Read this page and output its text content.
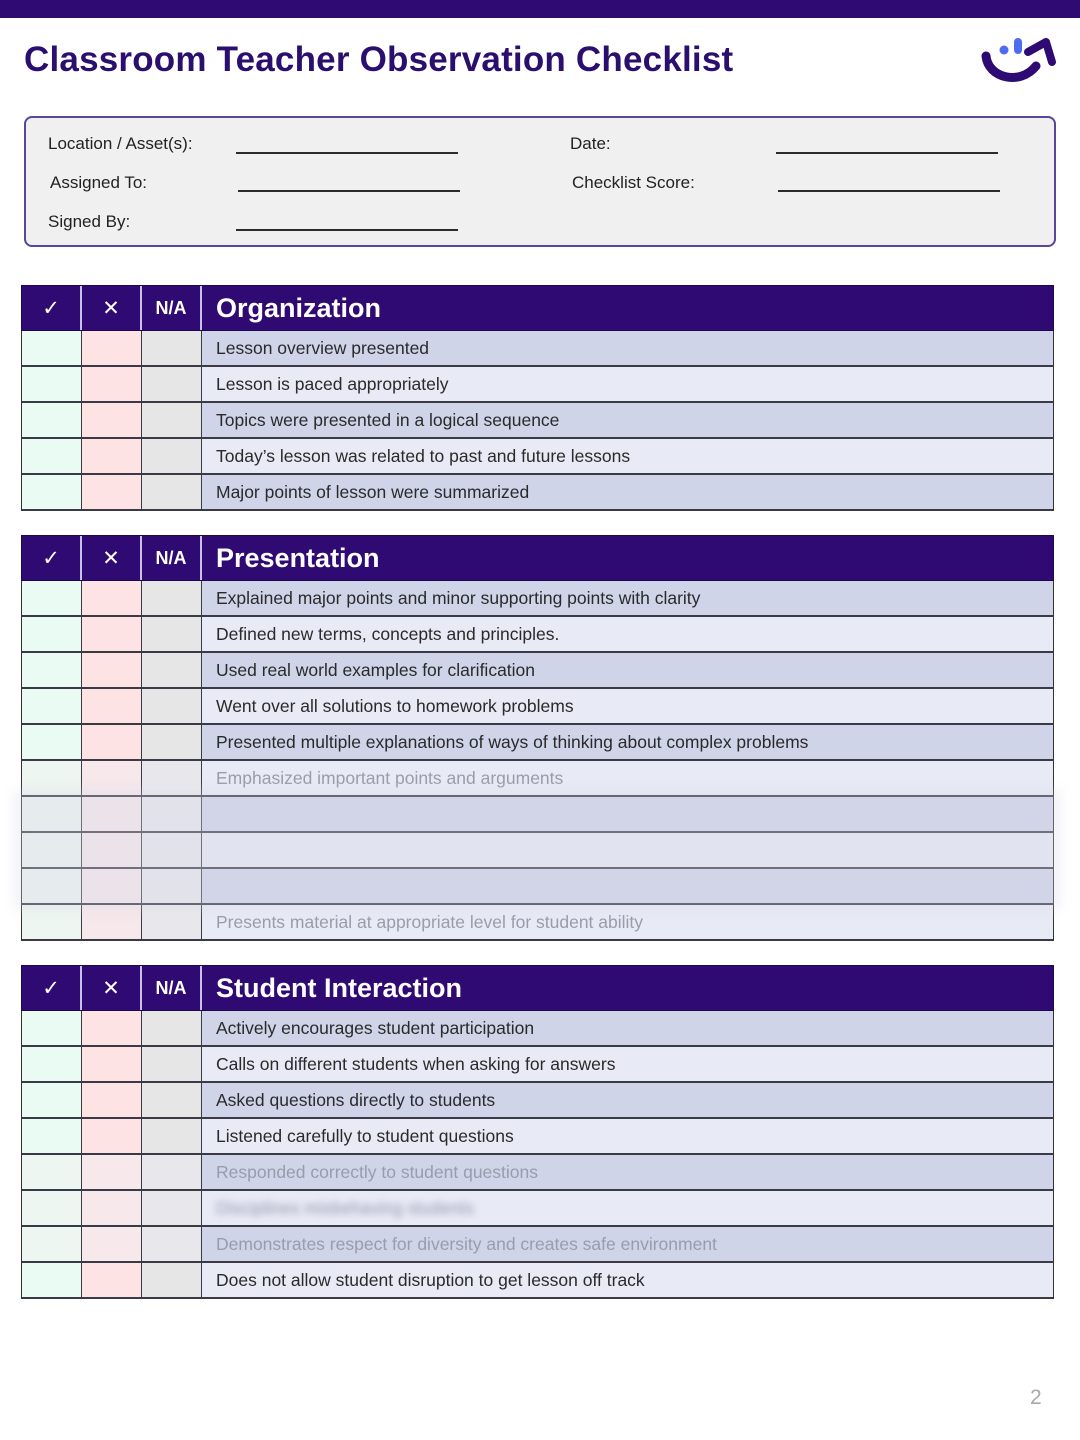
Classroom Teacher Observation Checklist
Location / Asset(s):
Assigned To:
Signed By:
Date:
Checklist Score:
✓	✕	N/A	Organization
Lesson overview presented
Lesson is paced appropriately
Topics were presented in a logical sequence
Today’s lesson was related to past and future lessons
Major points of lesson were summarized
✓	✕	N/A	Presentation
Explained major points and minor supporting points with clarity
Defined new terms, concepts and principles.
Used real world examples for clarification
Went over all solutions to homework problems
Presented multiple explanations of ways of thinking about complex problems
Emphasized important points and arguments
Presents material at appropriate level for student ability
✓	✕	N/A	Student Interaction
Actively encourages student participation
Calls on different students when asking for answers
Asked questions directly to students
Listened carefully to student questions
Responded correctly to student questions
Disciplines misbehaving students
Demonstrates respect for diversity and creates safe environment
Does not allow student disruption to get lesson off track
2
